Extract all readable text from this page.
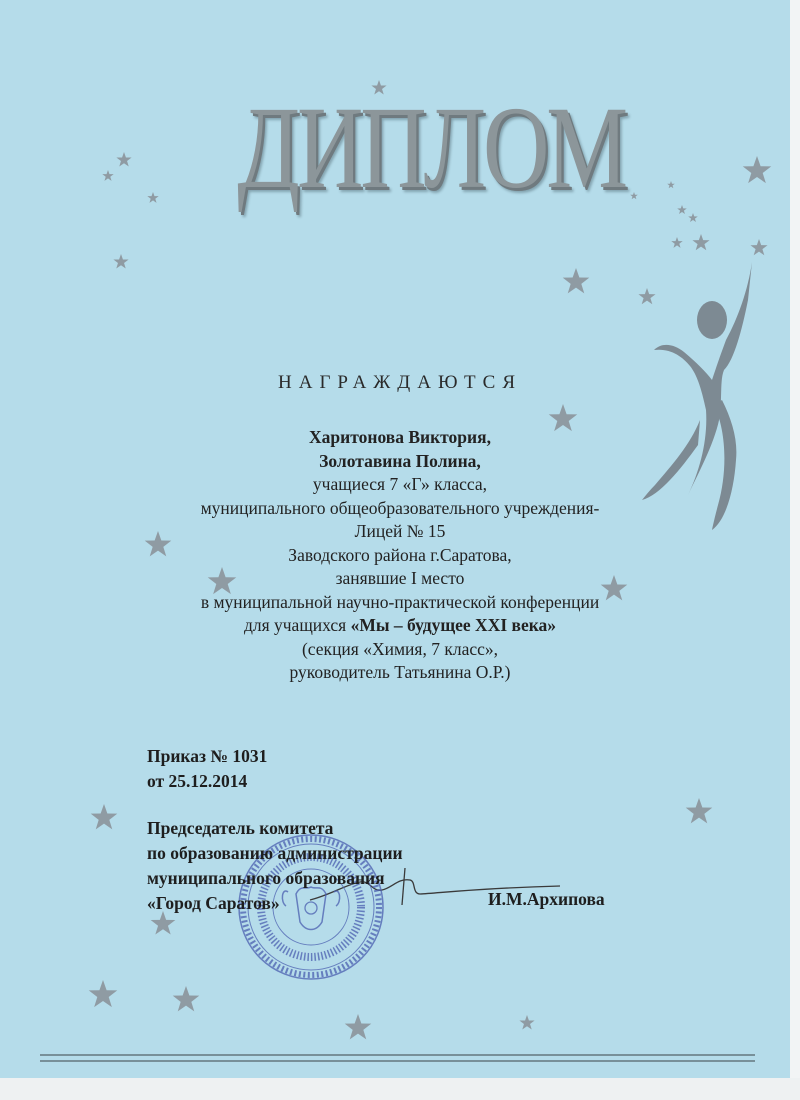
ДИПЛОМ
НАГРАЖДАЮТСЯ
Харитонова Виктория,
Золотавина Полина,
учащиеся 7 «Г» класса,
муниципального общеобразовательного учреждения-
Лицей № 15
Заводского района г.Саратова,
занявшие I место
в муниципальной научно-практической конференции
для учащихся «Мы – будущее XXI века»
(секция «Химия, 7 класс»,
руководитель Татьянина О.Р.)
Приказ № 1031
от 25.12.2014
Председатель комитета
по образованию администрации
муниципального образования
«Город Саратов»	И.М.Архипова
